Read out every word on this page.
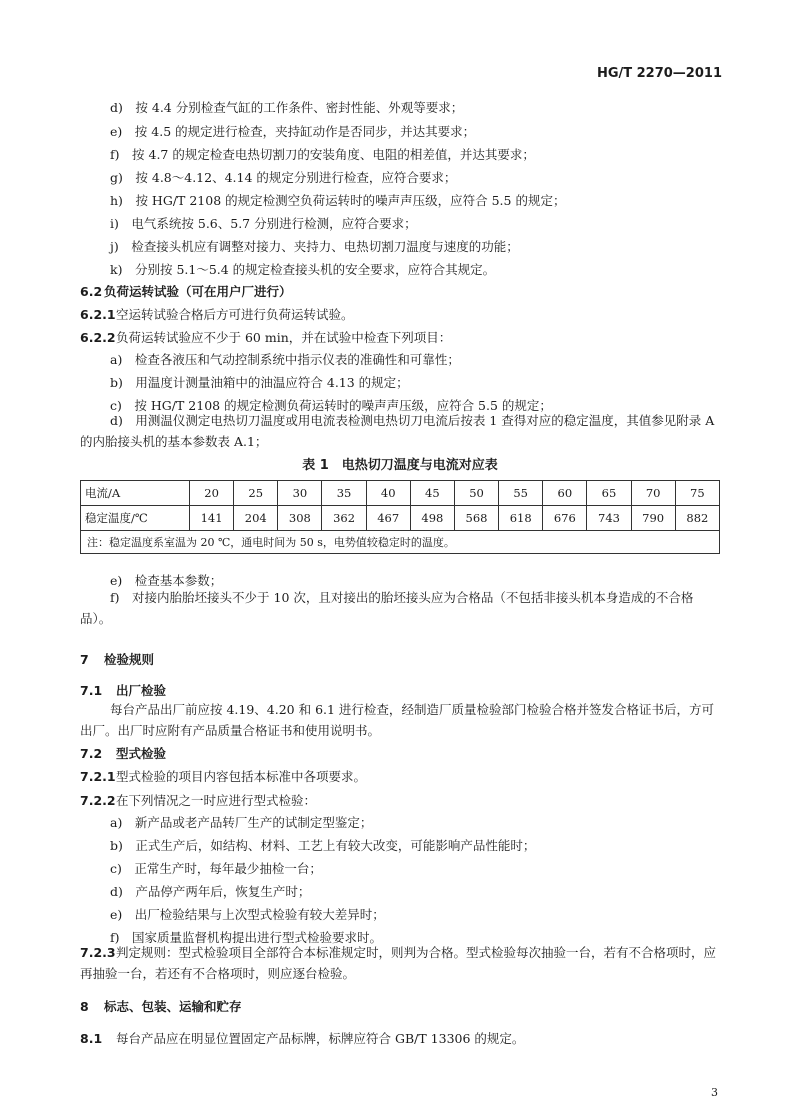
HG/T 2270—2011
d)　 按 4.4 分别检查气缸的工作条件、密封性能、外观等要求；
e)　 按 4.5 的规定进行检查，夹持缸动作是否同步，并达其要求；
f)　 按 4.7 的规定检查电热切割刀的安装角度、电阻的相差值，并达其要求；
g)　 按 4.8～4.12、4.14 的规定分别进行检查，应符合要求；
h)　 按 HG/T 2108 的规定检测空负荷运转时的噪声声压级，应符合 5.5 的规定；
i)　 电气系统按 5.6、5.7 分别进行检测，应符合要求；
j)　 检查接头机应有调整对接力、夹持力、电热切割刀温度与速度的功能；
k)　 分别按 5.1～5.4 的规定检查接头机的安全要求，应符合其规定。
6.2 负荷运转试验（可在用户厂进行）
6.2.1空运转试验合格后方可进行负荷运转试验。
6.2.2负荷运转试验应不少于 60 min，并在试验中检查下列项目：
a)　 检查各液压和气动控制系统中指示仪表的准确性和可靠性；
b)　 用温度计测量油箱中的油温应符合 4.13 的规定；
c)　 按 HG/T 2108 的规定检测负荷运转时的噪声声压级，应符合 5.5 的规定；
d)　 用测温仪测定电热切刀温度或用电流表检测电热切刀电流后按表 1 查得对应的稳定温度，其值参见附录 A 的内胎接头机的基本参数表 A.1；
表 1　电热切刀温度与电流对应表
电流/A	20	25	30	35	40	45	50	55	60	65	70	75
稳定温度/℃	141	204	308	362	467	498	568	618	676	743	790	882
注：稳定温度系室温为 20 ℃，通电时间为 50 s，电势值较稳定时的温度。												
e)　 检查基本参数；
f)　 对接内胎胎坯接头不少于 10 次，且对接出的胎坯接头应为合格品（不包括非接头机本身造成的不合格品）。
7 检验规则
7.1 出厂检验
每台产品出厂前应按 4.19、4.20 和 6.1 进行检查，经制造厂质量检验部门检验合格并签发合格证书后，方可出厂。出厂时应附有产品质量合格证书和使用说明书。
7.2 型式检验
7.2.1型式检验的项目内容包括本标准中各项要求。
7.2.2在下列情况之一时应进行型式检验：
a)　 新产品或老产品转厂生产的试制定型鉴定；
b)　 正式生产后，如结构、材料、工艺上有较大改变，可能影响产品性能时；
c)　 正常生产时，每年最少抽检一台；
d)　 产品停产两年后，恢复生产时；
e)　 出厂检验结果与上次型式检验有较大差异时；
f)　 国家质量监督机构提出进行型式检验要求时。
7.2.3判定规则：型式检验项目全部符合本标准规定时，则判为合格。型式检验每次抽验一台，若有不合格项时，应再抽验一台，若还有不合格项时，则应逐台检验。
8 标志、包装、运输和贮存
8.1 每台产品应在明显位置固定产品标牌，标牌应符合 GB/T 13306 的规定。
3
